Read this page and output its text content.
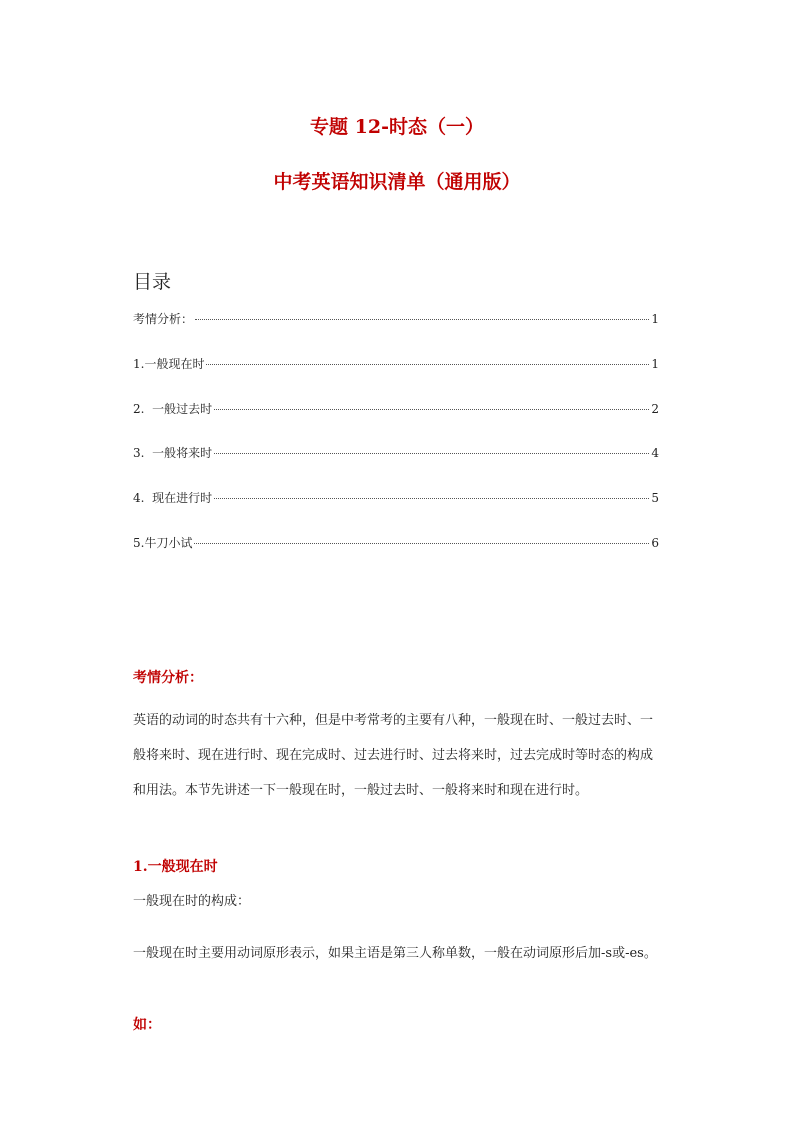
专题 12-时态（一）
中考英语知识清单（通用版）
目录
考情分析：	1
1.一般现在时	1
2.  一般过去时	2
3.  一般将来时	4
4.  现在进行时	5
5.牛刀小试	6
考情分析：

英语的动词的时态共有十六种，但是中考常考的主要有八种，一般现在时、一般过去时、一般将来时、现在进行时、现在完成时、过去进行时、过去将来时，过去完成时等时态的构成和用法。本节先讲述一下一般现在时，一般过去时、一般将来时和现在进行时。

1.一般现在时

一般现在时的构成：

一般现在时主要用动词原形表示，如果主语是第三人称单数，一般在动词原形后加-s或-es。

如：
